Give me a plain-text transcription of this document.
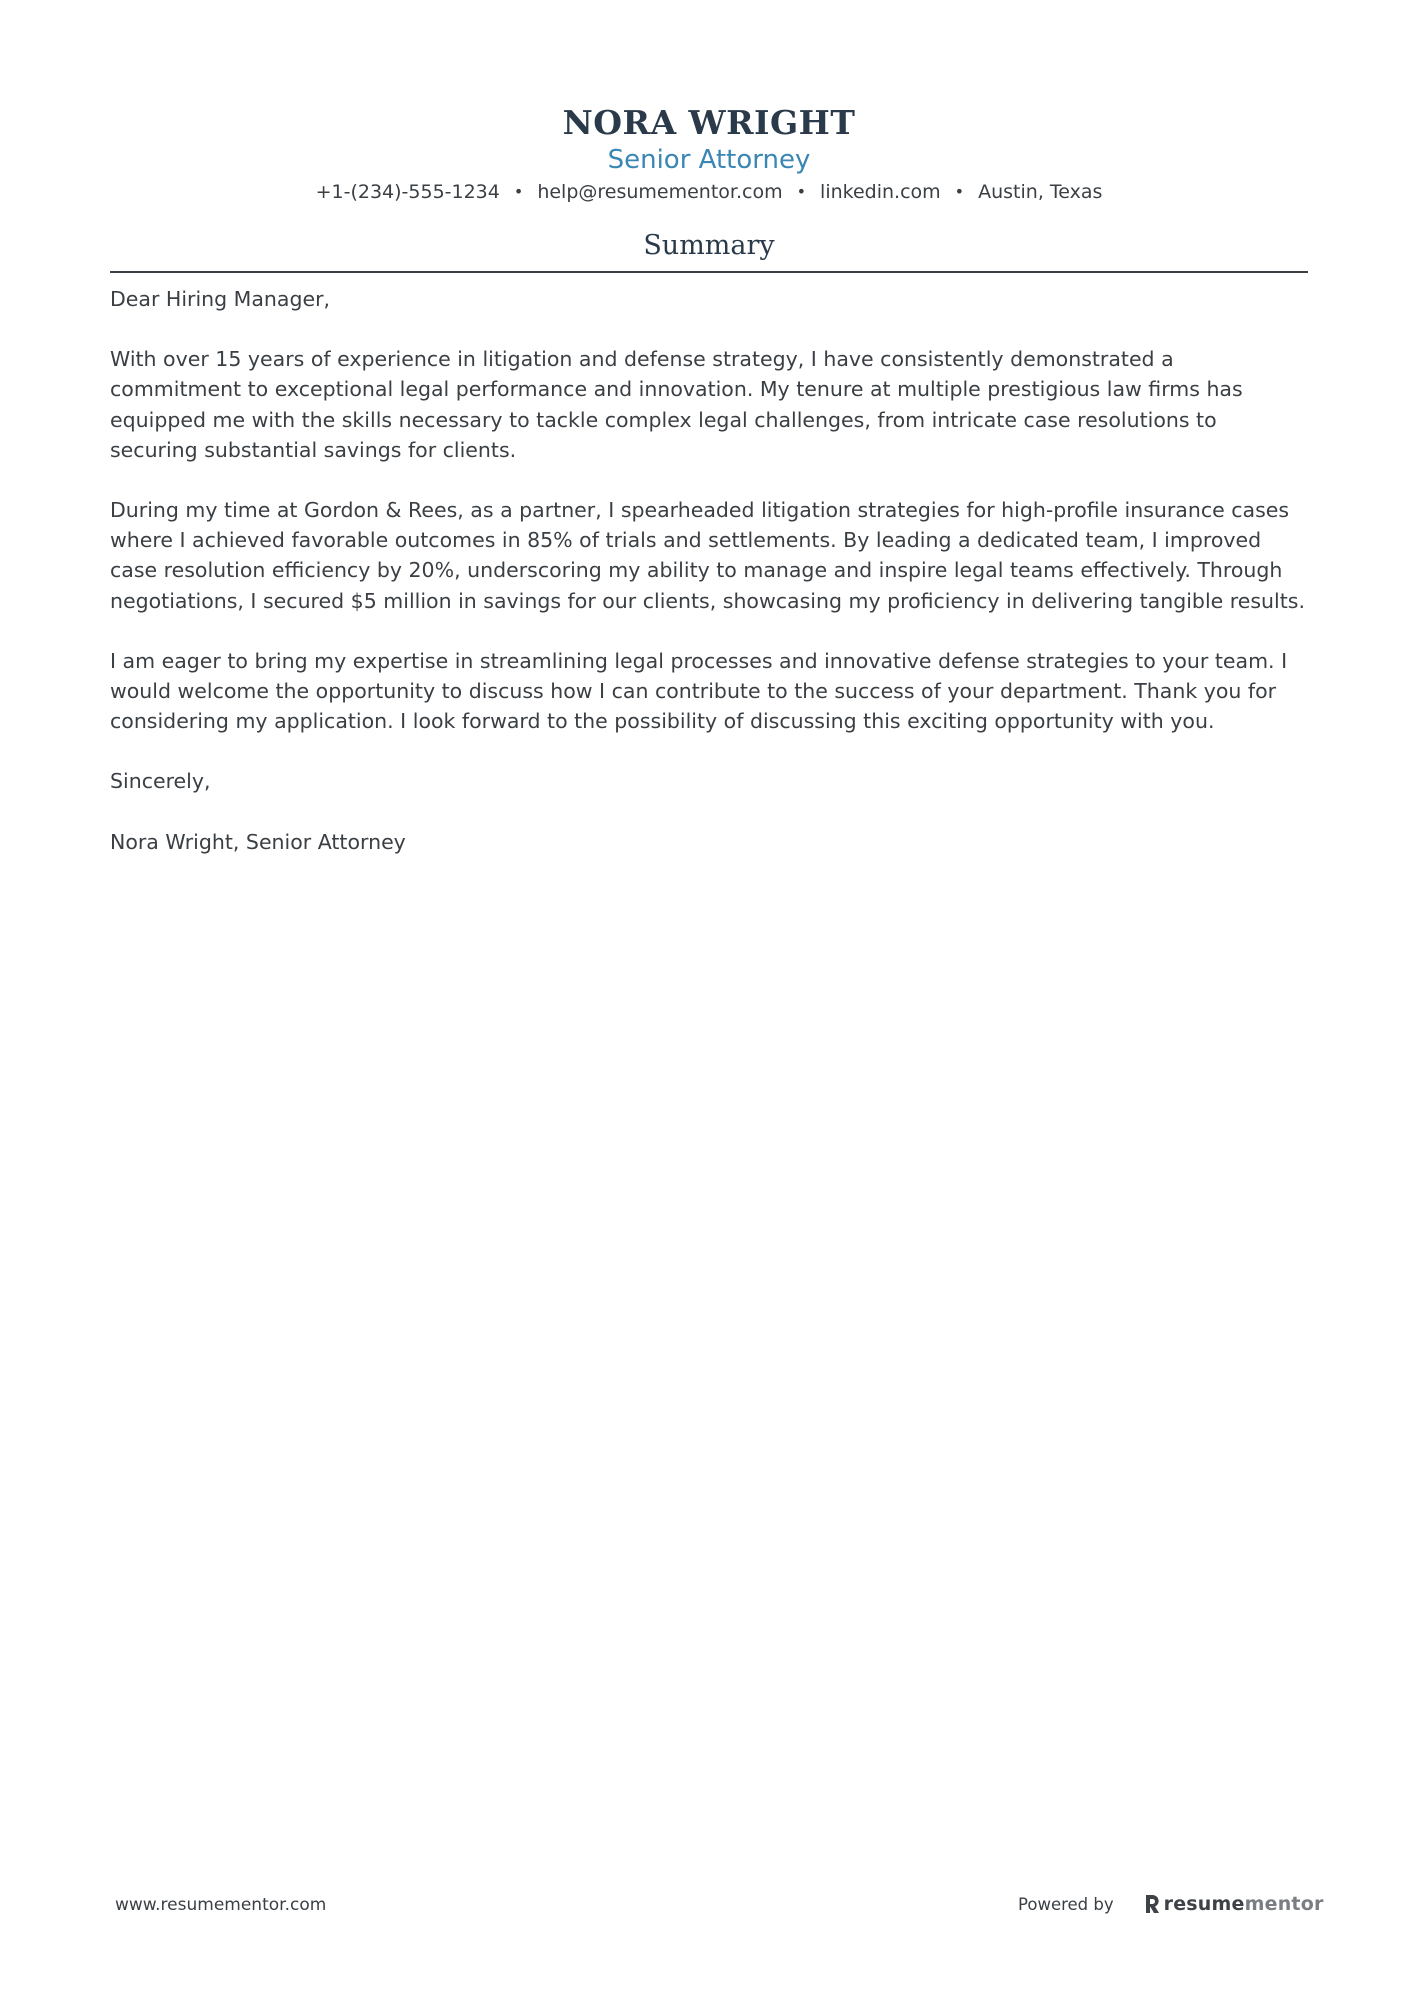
NORA WRIGHT
Senior Attorney
+1-(234)-555-1234 • help@resumementor.com • linkedin.com • Austin, Texas
Summary

Dear Hiring Manager,

With over 15 years of experience in litigation and defense strategy, I have consistently demonstrated a commitment to exceptional legal performance and innovation. My tenure at multiple prestigious law firms has equipped me with the skills necessary to tackle complex legal challenges, from intricate case resolutions to securing substantial savings for clients.

During my time at Gordon & Rees, as a partner, I spearheaded litigation strategies for high-profile insurance cases where I achieved favorable outcomes in 85% of trials and settlements. By leading a dedicated team, I improved case resolution efficiency by 20%, underscoring my ability to manage and inspire legal teams effectively. Through negotiations, I secured $5 million in savings for our clients, showcasing my proficiency in delivering tangible results.

I am eager to bring my expertise in streamlining legal processes and innovative defense strategies to your team. I would welcome the opportunity to discuss how I can contribute to the success of your department. Thank you for considering my application. I look forward to the possibility of discussing this exciting opportunity with you.

Sincerely,

Nora Wright, Senior Attorney

www.resumementor.com	Powered by	resumementor
